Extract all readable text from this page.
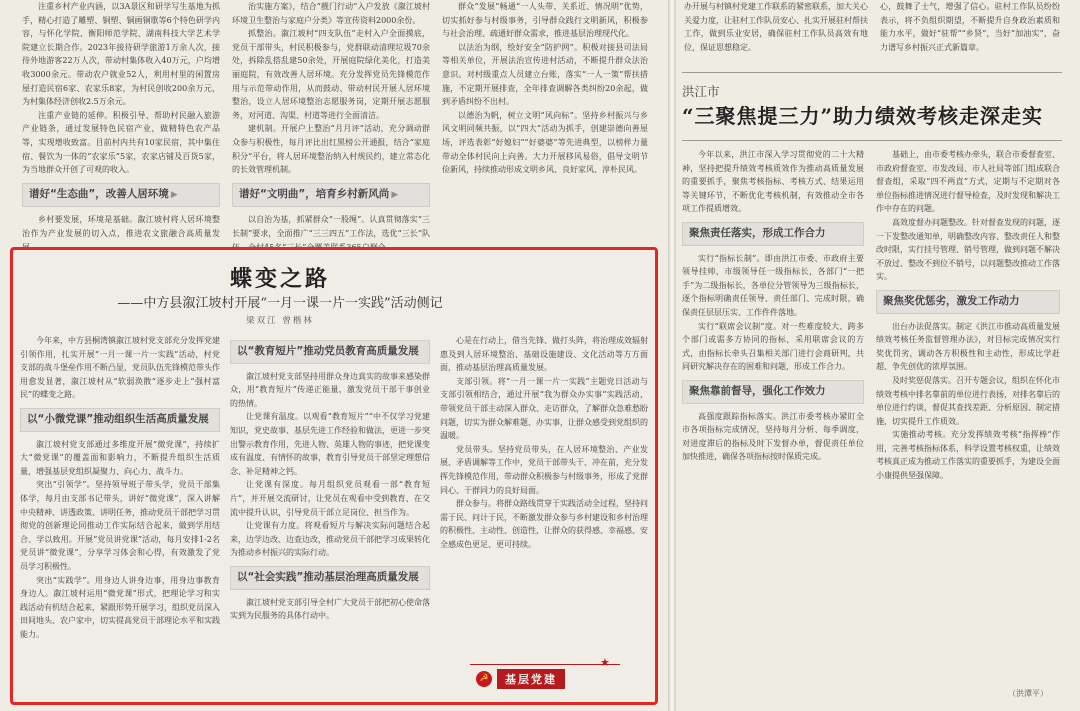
注重乡村产业内涵，以3A景区和研学写生基地为抓手，精心打造了雕塑、铜塑、铜画铜歌等6个特色研学内容，与怀化学院、衡阳师范学院、湖南科技大学艺术学院建立长期合作。2023年接待研学旅游1万余人次，接待外地游客22万人次，带动村集体收入40万元，户均增收3000余元。带动农户就业52人，利用村里的闲置房屋打造民宿6家、农家乐8家，为村民创收200余万元，为村集体经济创收2.5万余元。

注重产业链的延伸。积极引导、帮助村民融入旅游产业链条，通过发展特色民宿产业，做精特色农产品等，实现增收致富。目前村内共有10家民宿，其中集住宿、餐饮为一体的“农家乐”5家，农家店铺及百货5家，为当地群众开创了可观的收入。

谱好“生态曲”，改善人居环境 ▶

乡村要发展，环境是基础。溆江坡村将人居环境整治作为产业发展的切入点，推进农文旅融合高质量发

治实施方案》，结合“靓门行动”入户发放《溆江坡村环境卫生整治与家庭户分类》等宣传资料2000余份。

抓整治。溆江坡村“四支队伍”走村入户全面摸底，党员干部带头，村民积极参与，党群联动清理垃圾70余处，拆除乱搭乱建50余处，开展庭院绿化美化，打造美丽庭院，有效改善人居环境。充分发挥党员先锋模范作用与示范带动作用，从而鼓动、带动村民开展人居环境整治，设立人居环境整治志愿服务岗，定期开展志愿服务，对河道、沟渠、村道等进行全面清洁。

建机制。开展户上整治“月月评”活动，充分调动群众参与积极性，每月评比出红黑榜公开通报，结合“家庭积分”平台，将人居环境整治纳入村规民约，建立常态化的长效管理机制。

谱好“文明曲”，培育乡村新风尚 ▶

以自治为基，抓紧群众“一股绳”。认真贯彻落实“三长制”要求，全面推广“三三四五”工作法，选优“三长”队

群众“发展”畅通“一人头带、关系近、情况明”优势，切实抓好参与村级事务，引导群众践行文明新风，积极参与社会治理、疏通好群众需求，推进基层治理现代化。

以法治为纲，绘好安全“防护网”。积极对接县司法局等相关单位，开展法治宣传进村活动，不断提升群众法治意识。对村级重点人员建立台账，落实“一人一策”帮扶措施，不定期开展排查，全年排查调解各类纠纷20余起，做到矛盾纠纷不出村。

以德治为帆，树立文明“风向标”。坚持乡村振兴与乡风文明同频共振，以“四大”活动为抓手，创建崇德向善屋场，评选表彰“好媳妇”“好婆婆”等先进典型，以榜样力量带动全体村民向上向善。大力开展移风易俗，倡导文明节俭新风，持续推动形成文明乡风、良好家风、淳朴民风。

蝶变之路
——中方县溆江坡村开展“一月一课一片一实践”活动侧记
梁双江 曾楷林

今年来，中方县桐湾镇溆江坡村党支部充分发挥党建引领作用，扎实开展“一月一课一片一实践”活动，村党支部的战斗堡垒作用不断凸显，党员队伍先锋模范带头作用愈发显著，溆江坡村从“软弱涣散”逐步走上“强村富民”的蝶变之路。

以“小微党课”推动组织生活高质量发展

溆江坡村党支部通过多维度开展“微党课”，持续扩大“微党课”的覆盖面和影响力，不断提升组织生活质量，增强基层党组织凝聚力、向心力、战斗力。

突出“引领学”。坚持领导班子带头学，党员干部集体学，每月由支部书记带头，讲好“微党课”，深入讲解中央精神、讲透政策、讲明任务，推动党员干部把学习贯彻党的创新理论同推动工作实际结合起来，做到学用结合、学以致用。开展“党员讲党课”活动，每月安排1-2名党员讲“微党课”，分享学习体会和心得，有效激发了党员学习积极性。

突出“实践学”。用身边人讲身边事，用身边事教育身边人。溆江坡村运用“微党课”形式，把理论学习和实践活动有机结合起来，紧跟形势开展学习，组织党员深入田间地头、农户家中，切实提高党员干部理论水平和实践能力。

以“教育短片”推动党员教育高质量发展

溆江坡村党支部坚持用群众身边真实的故事来感染群众，用“教育短片”传递正能量，激发党员干部干事创业的热情。

让党课有温度。以观看“教育短片”“中不仅学习党建知识，党史故事、基层先进工作经验和做法，更进一步突出警示教育作用，先进人物、英雄人物的事迹，把党课变成有温度、有情怀的故事，教育引导党员干部坚定理想信念、补足精神之钙。

让党课有深度。每月组织党员观看一部“教育短片”，并开展交流研讨，让党员在观看中受到教育、在交流中提升认识，引导党员干部立足岗位、担当作为。

让党课有力度。将观看短片与解决实际问题结合起来，边学边改、边查边改，推动党员干部把学习成果转化为推动乡村振兴的实际行动。

以“社会实践”推动基层治理高质量发展

溆江坡村党支部引导全村广大党员干部把初心使命落实到为民服务的具体行动中。

心是在行动上，借当先锋、做打头阵，将治理成效辐射惠及到人居环境整治、基础设施建设、文化活动等方方面面，推动基层治理高质量发展。

支部引领。将“一月一课一片一实践”主题党日活动与支部引领相结合，通过开展“我为群众办实事”实践活动，带领党员干部主动深入群众、走访群众，了解群众急难愁盼问题，切实为群众解难题、办实事，让群众感受到党组织的温暖。

党员带头。坚持党员带头，在人居环境整治、产业发展、矛盾调解等工作中，党员干部带头干、冲在前，充分发挥先锋模范作用，带动群众积极参与村级事务，形成了党群同心、干群同力的良好局面。

群众参与。将群众路线贯穿于实践活动全过程，坚持问需于民、问计于民，不断激发群众参与乡村建设和乡村治理的积极性、主动性、创造性，让群众的获得感、幸福感、安全感成色更足、更可持续。

★
☭	基层党建

办开展与村镇村党建工作联系的紧密联系，加大关心关爱力度，让驻村工作队员安心、扎实开展驻村帮扶工作，做到乐业安居，确保驻村工作队员高效有地位，保证思想稳定。

心，鼓舞了士气，增强了信心。驻村工作队员纷纷表示，将不负组织期望，不断提升自身政治素质和能力水平，做好“驻帮”“乡贤”，当好“加油实”，奋力谱写乡村振兴正式新篇章。

洪江市
“三聚焦提三力”助力绩效考核走深走实

今年以来，洪江市深入学习贯彻党的二十大精神，坚持把提升绩效考核质效作为推动高质量发展的重要抓手，聚焦考核指标、考核方式、结果运用等关键环节，不断优化考核机制，有效推动全市各项工作提质增效。

聚焦责任落实，形成工作合力

实行“指标长制”。即由洪江市委、市政府主要领导挂帅，市级领导任一级指标长，各部门“一把手”为二级指标长，各单位分管领导为三级指标长，逐个指标明确责任领导、责任部门、完成时限，确保责任层层压实、工作件件落地。

实行“联席会议制”度。对一些难度较大、跨多个部门或需多方协同的指标，采用联席会议的方式，由指标长牵头召集相关部门进行会商研判，共同研究解决存在的困难和问题，形成工作合力。

聚焦靠前督导，强化工作效力

高强度跟踪指标落实。洪江市委考核办紧盯全市各项指标完成情况，坚持每月分析、每季调度，对进度滞后的指标及时下发督办单，督促责任单位加快推进，确保各项指标按时保质完成。

基础上，由市委考核办牵头，联合市委督查室、市政府督查室、市发改局、市人社局等部门组成联合督查组，采取“四不两直”方式，定期与不定期对各单位指标推进情况进行督导检查，及时发现和解决工作中存在的问题。

高效度督办问题整改。针对督查发现的问题，逐一下发整改通知单，明确整改内容、整改责任人和整改时限，实行挂号管理、销号管理，做到问题不解决不放过、整改不到位不销号，以问题整改推动工作落实。

聚焦奖优惩劣，激发工作动力

出台办法促落实。制定《洪江市推动高质量发展绩效考核任务监督管理办法》，对目标完成情况实行奖优罚劣，调动各方积极性和主动性，形成比学赶超、争先创优的浓厚氛围。

及时奖惩促落实。召开专题会议，组织在怀化市绩效考核中排名靠前的单位进行表扬，对排名靠后的单位进行约谈，督促其查找差距、分析原因、制定措施，切实提升工作质效。

实施推动考核。充分发挥绩效考核“指挥棒”作用，完善考核指标体系，科学设置考核权重，让绩效考核真正成为推动工作落实的重要抓手，为建设全面小康提供坚强保障。

（洪潭平）
